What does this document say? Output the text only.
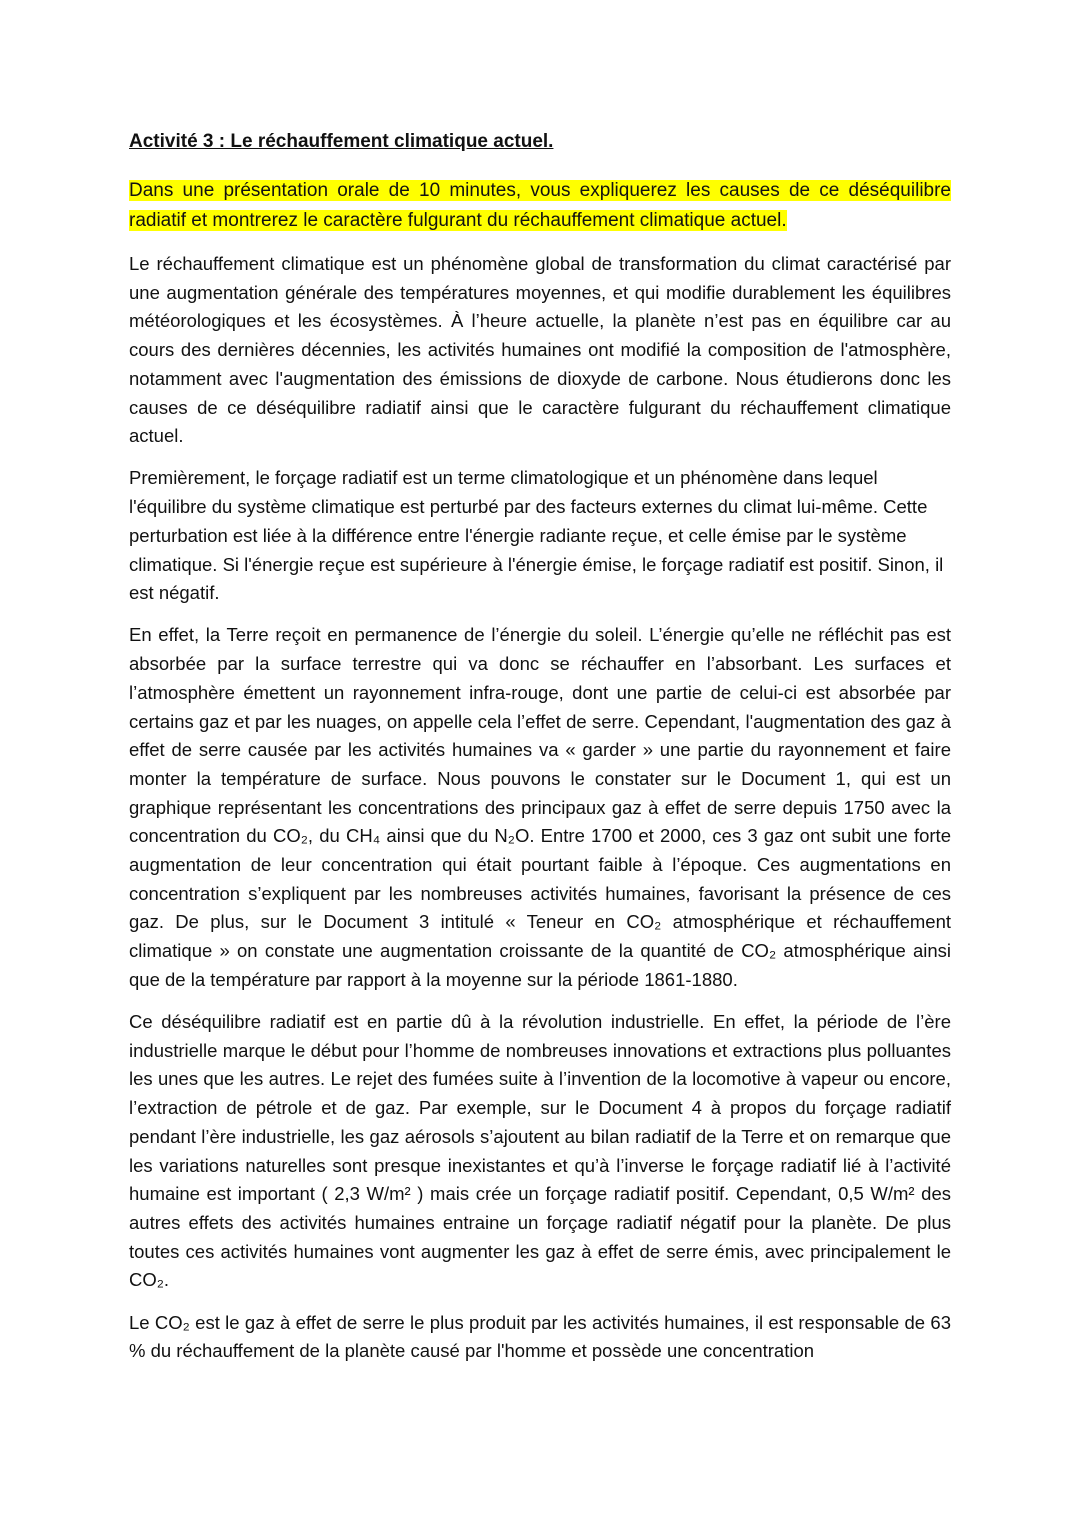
Activité 3 : Le réchauffement climatique actuel.
Dans une présentation orale de 10 minutes, vous expliquerez les causes de ce déséquilibre radiatif et montrerez le caractère fulgurant du réchauffement climatique actuel.

Le réchauffement climatique est un phénomène global de transformation du climat caractérisé par une augmentation générale des températures moyennes, et qui modifie durablement les équilibres météorologiques et les écosystèmes. À l’heure actuelle, la planète n’est pas en équilibre car au cours des dernières décennies, les activités humaines ont modifié la composition de l'atmosphère, notamment avec l'augmentation des émissions de dioxyde de carbone. Nous étudierons donc les causes de ce déséquilibre radiatif ainsi que le caractère fulgurant du réchauffement climatique actuel.

Premièrement, le forçage radiatif est un terme climatologique et un phénomène dans lequel l'équilibre du système climatique est perturbé par des facteurs externes du climat lui-même. Cette perturbation est liée à la différence entre l'énergie radiante reçue, et celle émise par le système climatique. Si l'énergie reçue est supérieure à l'énergie émise, le forçage radiatif est positif. Sinon, il est négatif.

En effet, la Terre reçoit en permanence de l’énergie du soleil. L’énergie qu’elle ne réfléchit pas est absorbée par la surface terrestre qui va donc se réchauffer en l’absorbant. Les surfaces et l’atmosphère émettent un rayonnement infra-rouge, dont une partie de celui-ci est absorbée par certains gaz et par les nuages, on appelle cela l’effet de serre. Cependant, l'augmentation des gaz à effet de serre causée par les activités humaines va « garder » une partie du rayonnement et faire monter la température de surface. Nous pouvons le constater sur le Document 1, qui est un graphique représentant les concentrations des principaux gaz à effet de serre depuis 1750 avec la concentration du CO₂, du CH₄ ainsi que du N₂O. Entre 1700 et 2000, ces 3 gaz ont subit une forte augmentation de leur concentration qui était pourtant faible à l’époque. Ces augmentations en concentration s’expliquent par les nombreuses activités humaines, favorisant la présence de ces gaz. De plus, sur le Document 3 intitulé « Teneur en CO₂ atmosphérique et réchauffement climatique » on constate une augmentation croissante de la quantité de CO₂ atmosphérique ainsi que de la température par rapport à la moyenne sur la période 1861-1880.

Ce déséquilibre radiatif est en partie dû à la révolution industrielle. En effet, la période de l’ère industrielle marque le début pour l’homme de nombreuses innovations et extractions plus polluantes les unes que les autres. Le rejet des fumées suite à l’invention de la locomotive à vapeur ou encore, l’extraction de pétrole et de gaz. Par exemple, sur le Document 4 à propos du forçage radiatif pendant l’ère industrielle, les gaz aérosols s’ajoutent au bilan radiatif de la Terre et on remarque que les variations naturelles sont presque inexistantes et qu’à l’inverse le forçage radiatif lié à l’activité humaine est important ( 2,3 W/m² ) mais crée un forçage radiatif positif. Cependant, 0,5 W/m² des autres effets des activités humaines entraine un forçage radiatif négatif pour la planète. De plus toutes ces activités humaines vont augmenter les gaz à effet de serre émis, avec principalement le CO₂.

Le CO₂ est le gaz à effet de serre le plus produit par les activités humaines, il est responsable de 63 % du réchauffement de la planète causé par l'homme et possède une concentration
